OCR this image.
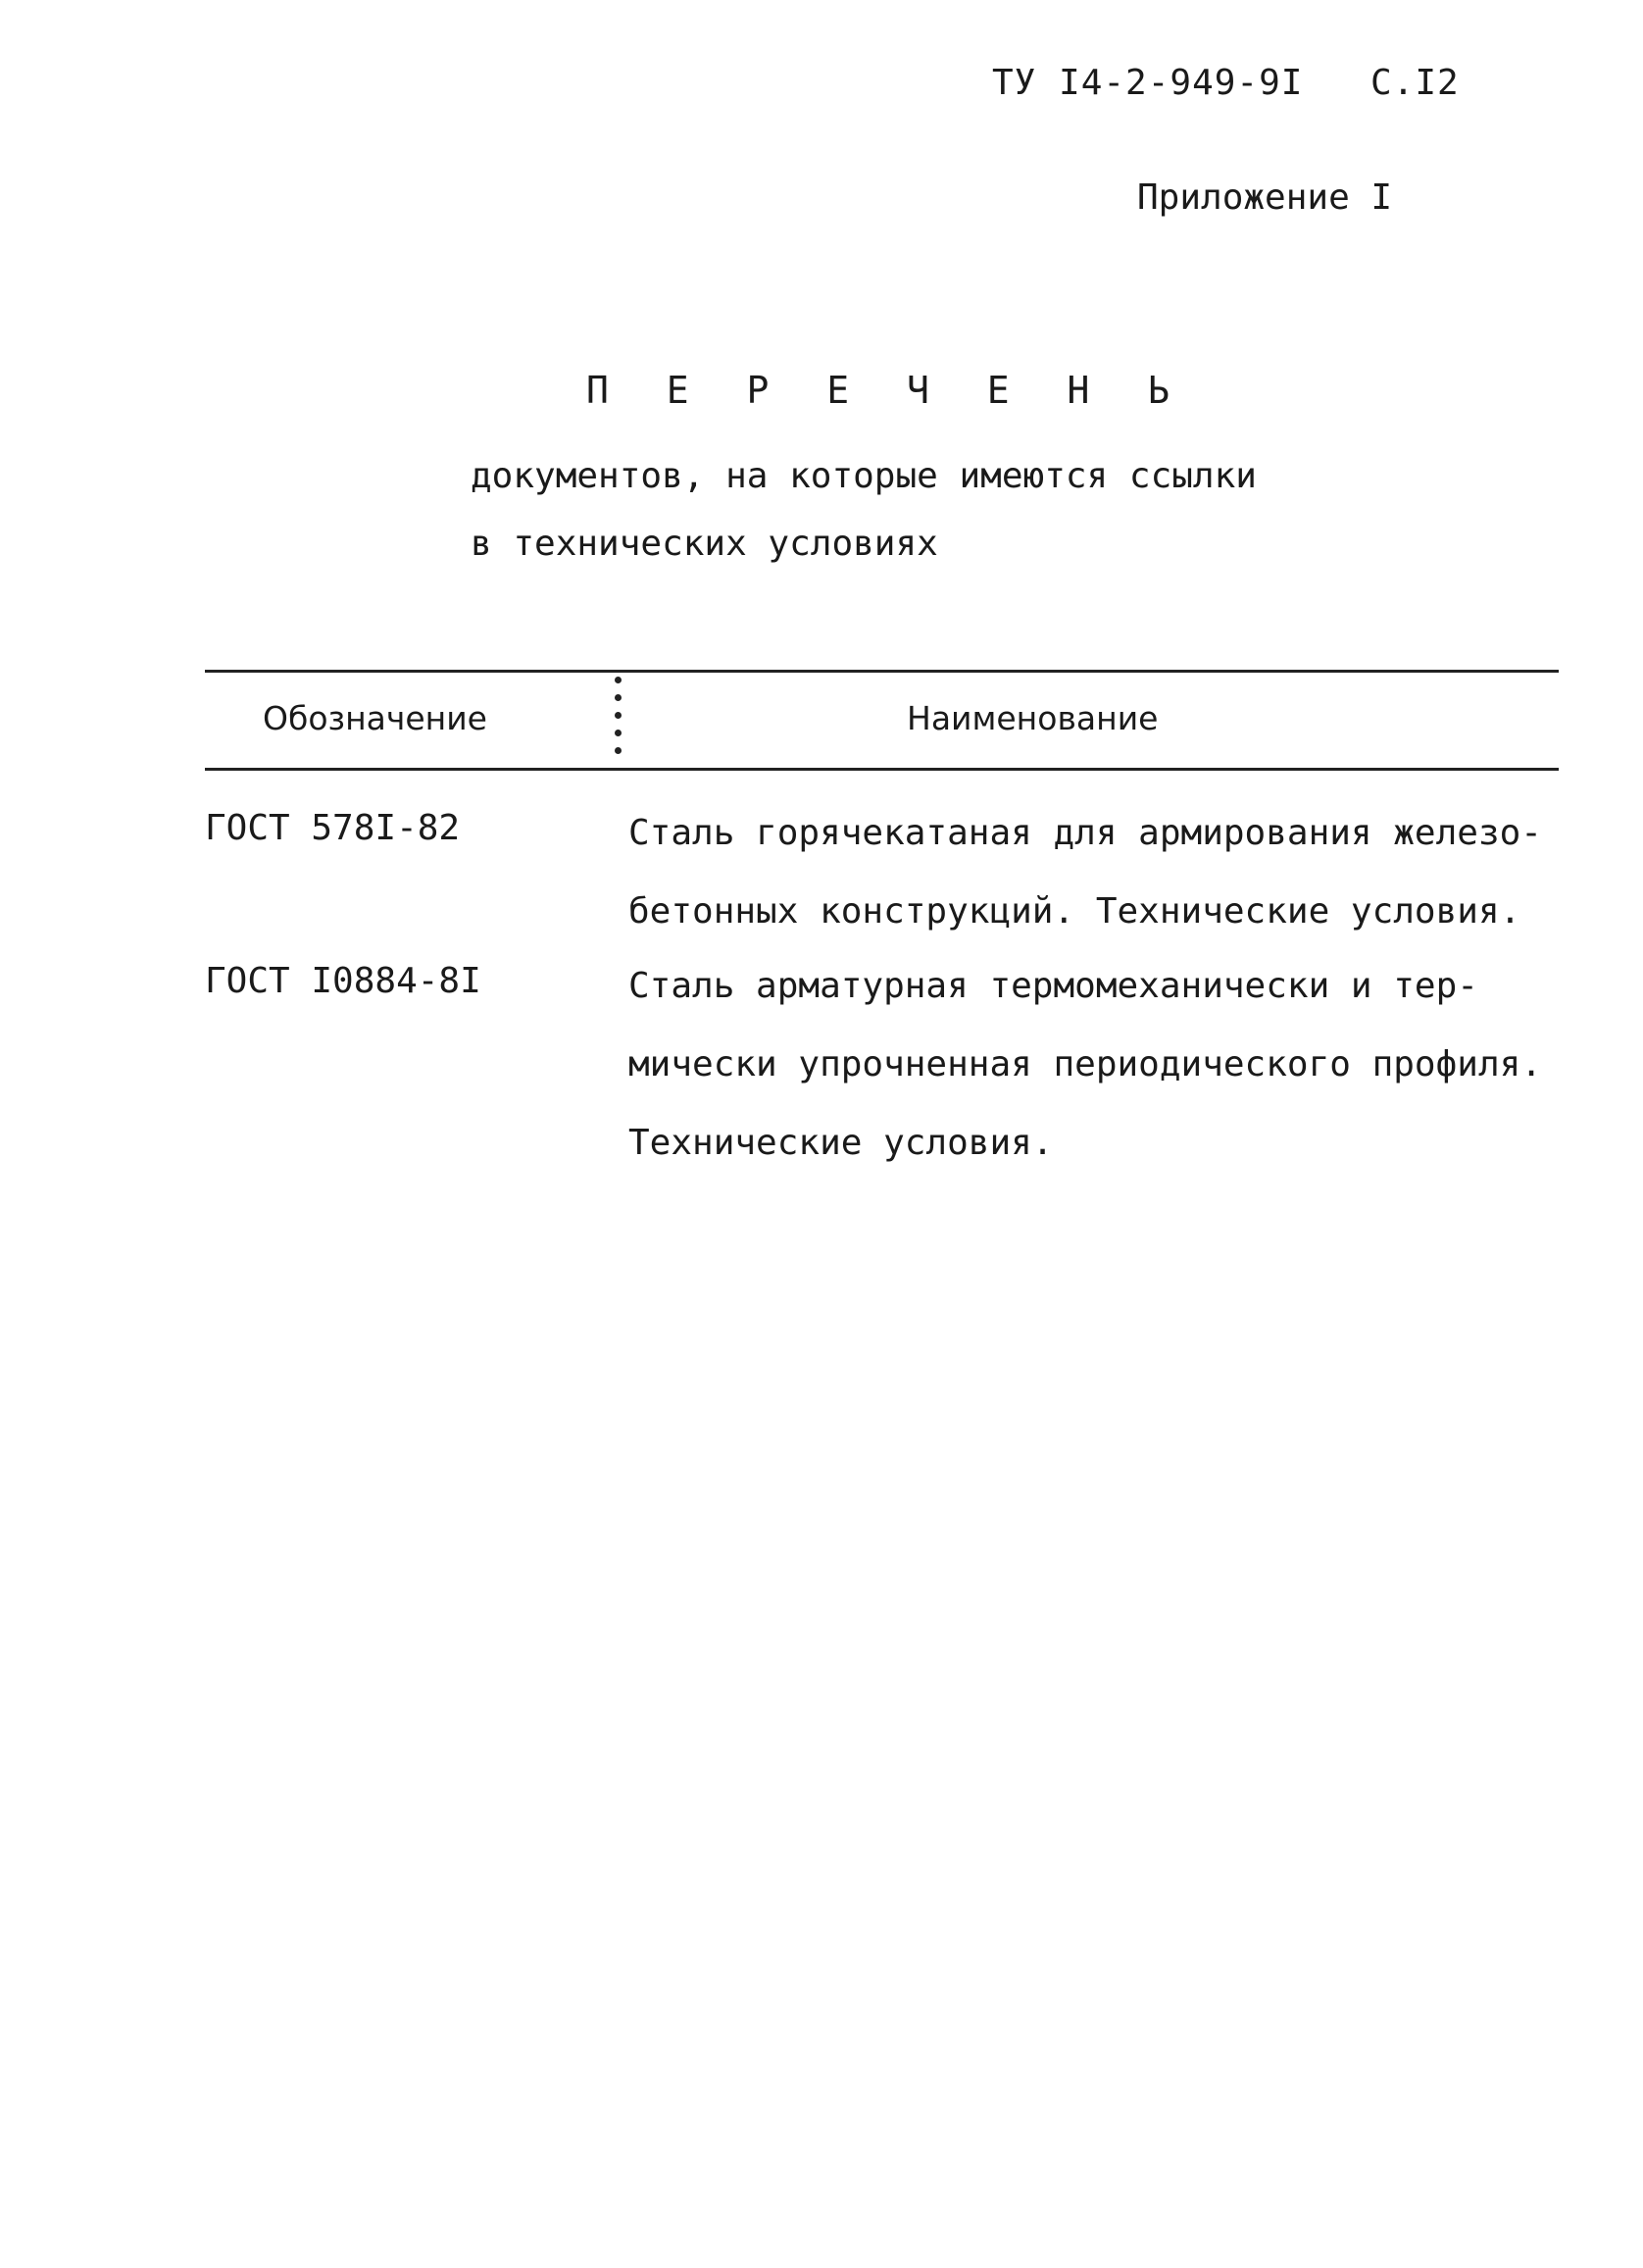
ТУ I4-2-949-9I С.I2
Приложение I
П Е Р Е Ч Е Н Ь
документов, на которые имеются ссылки
в технических условиях
Обозначение	Наименование
ГОСТ 578I-82	Сталь горячекатаная для армирования железо-
бетонных конструкций. Технические условия.
ГОСТ I0884-8I	Сталь арматурная термомеханически и тер-
мически упрочненная периодического профиля.
Технические условия.
